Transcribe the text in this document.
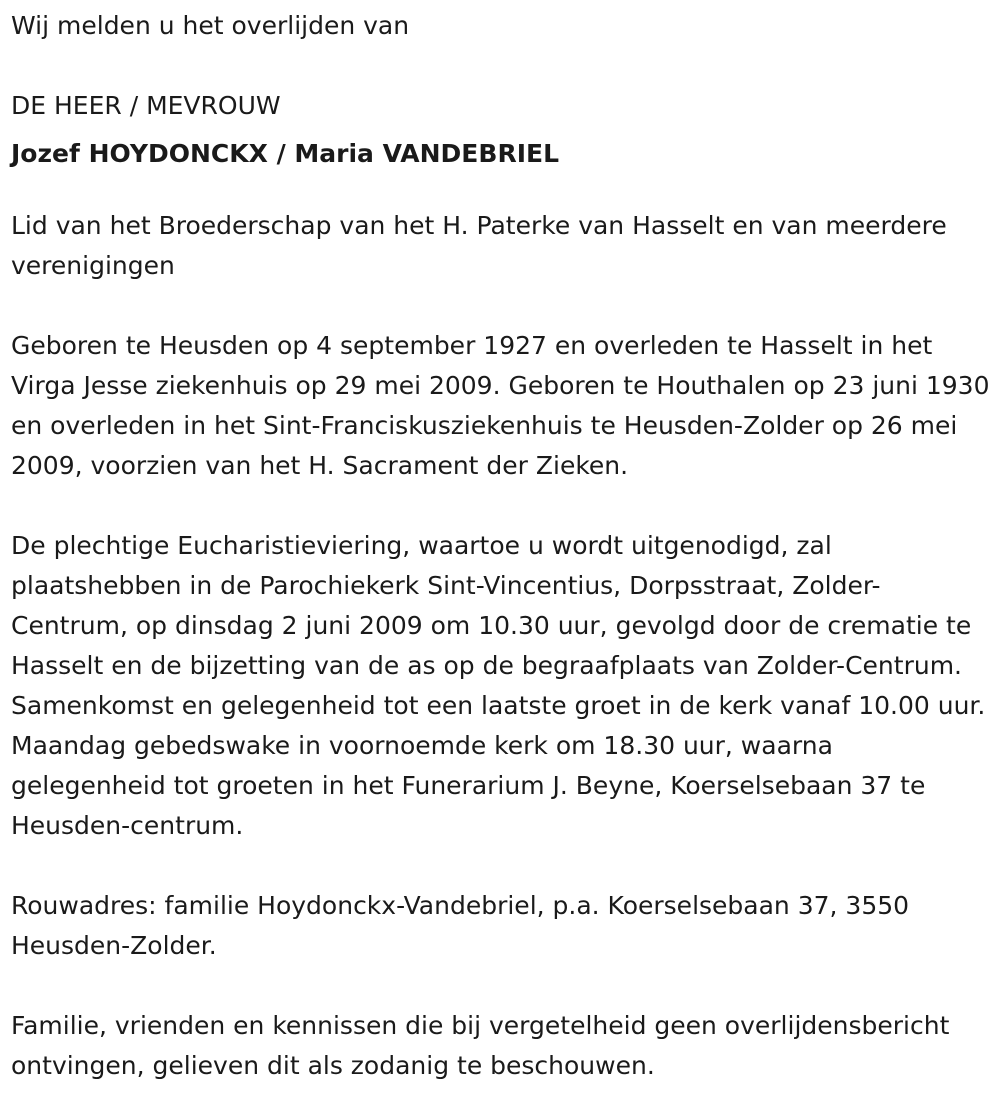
Wij melden u het overlijden van

DE HEER / MEVROUW

Jozef HOYDONCKX / Maria VANDEBRIEL

Lid van het Broederschap van het H. Paterke van Hasselt en van meerdere verenigingen

Geboren te Heusden op 4 september 1927 en overleden te Hasselt in het Virga Jesse ziekenhuis op 29 mei 2009. Geboren te Houthalen op 23 juni 1930 en overleden in het Sint-Franciskusziekenhuis te Heusden-Zolder op 26 mei 2009, voorzien van het H. Sacrament der Zieken.

De plechtige Eucharistieviering, waartoe u wordt uitgenodigd, zal plaatshebben in de Parochiekerk Sint-Vincentius, Dorpsstraat, Zolder-Centrum, op dinsdag 2 juni 2009 om 10.30 uur, gevolgd door de crematie te Hasselt en de bijzetting van de as op de begraafplaats van Zolder-Centrum. Samenkomst en gelegenheid tot een laatste groet in de kerk vanaf 10.00 uur. Maandag gebedswake in voornoemde kerk om 18.30 uur, waarna gelegenheid tot groeten in het Funerarium J. Beyne, Koerselsebaan 37 te Heusden-centrum.

Rouwadres: familie Hoydonckx-Vandebriel, p.a. Koerselsebaan 37, 3550 Heusden-Zolder.

Familie, vrienden en kennissen die bij vergetelheid geen overlijdensbericht ontvingen, gelieven dit als zodanig te beschouwen.
